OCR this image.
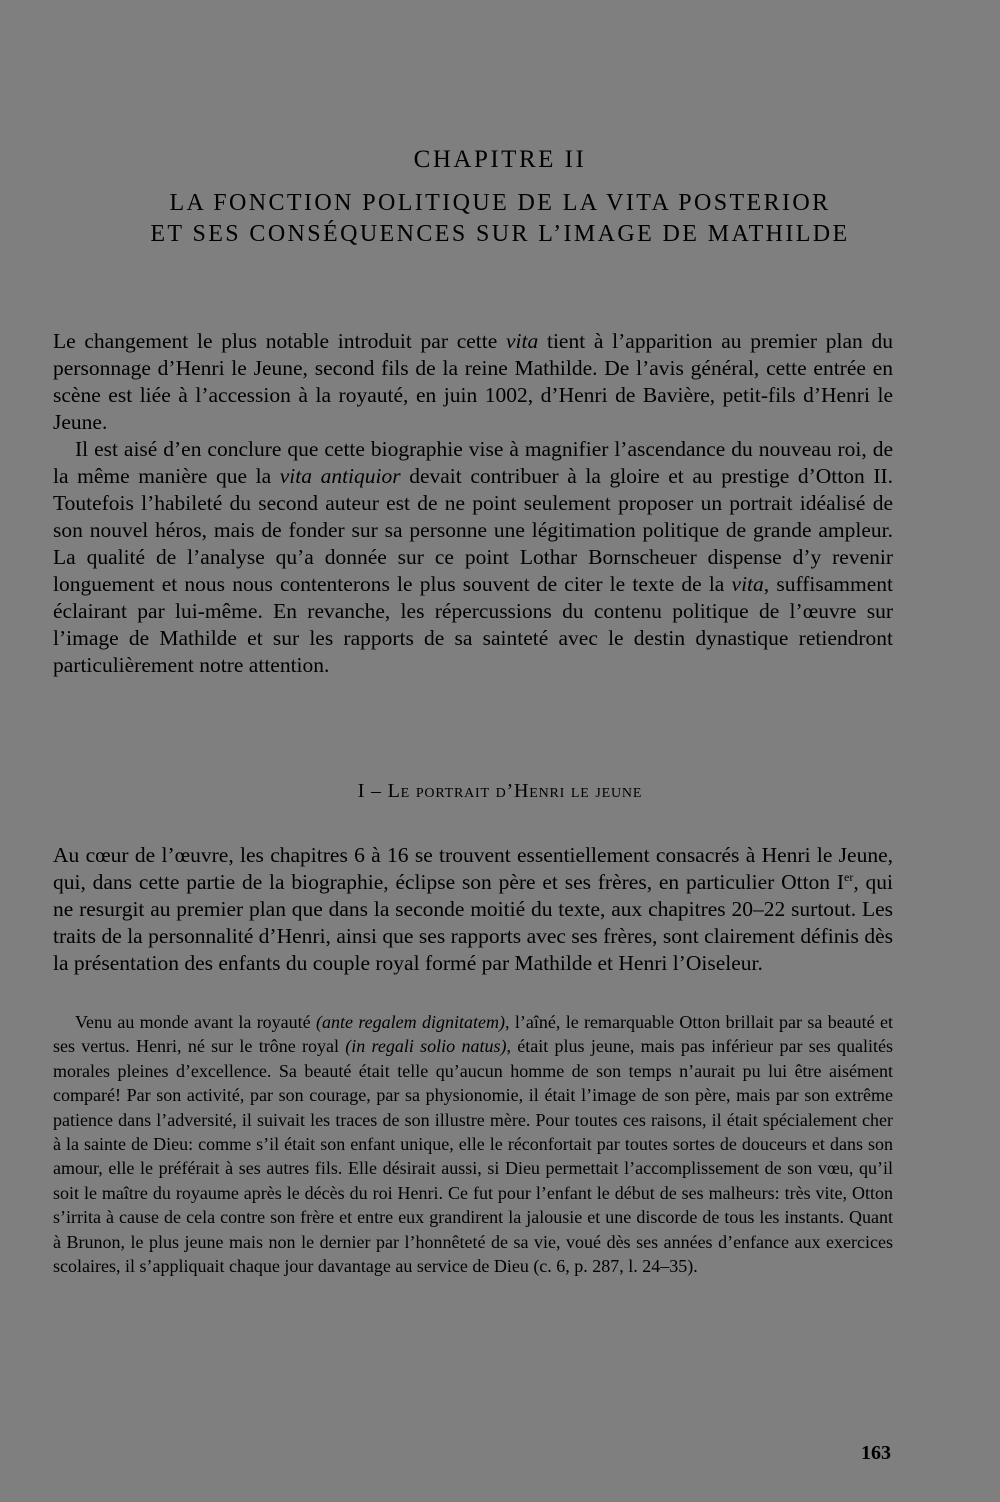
CHAPITRE II
LA FONCTION POLITIQUE DE LA VITA POSTERIOR
ET SES CONSÉQUENCES SUR L’IMAGE DE MATHILDE

Le changement le plus notable introduit par cette vita tient à l’apparition au premier plan du personnage d’Henri le Jeune, second fils de la reine Mathilde. De l’avis général, cette entrée en scène est liée à l’accession à la royauté, en juin 1002, d’Henri de Bavière, petit-fils d’Henri le Jeune.

Il est aisé d’en conclure que cette biographie vise à magnifier l’ascendance du nouveau roi, de la même manière que la vita antiquior devait contribuer à la gloire et au prestige d’Otton II. Toutefois l’habileté du second auteur est de ne point seulement proposer un portrait idéalisé de son nouvel héros, mais de fonder sur sa personne une légitimation politique de grande ampleur. La qualité de l’analyse qu’a donnée sur ce point Lothar Bornscheuer dispense d’y revenir longuement et nous nous contenterons le plus souvent de citer le texte de la vita, suffisamment éclairant par lui-même. En revanche, les répercussions du contenu politique de l’œuvre sur l’image de Mathilde et sur les rapports de sa sainteté avec le destin dynastique retiendront particulièrement notre attention.

I – Le portrait d’Henri le jeune

Au cœur de l’œuvre, les chapitres 6 à 16 se trouvent essentiellement consacrés à Henri le Jeune, qui, dans cette partie de la biographie, éclipse son père et ses frères, en particulier Otton Ier, qui ne resurgit au premier plan que dans la seconde moitié du texte, aux chapitres 20–22 surtout. Les traits de la personnalité d’Henri, ainsi que ses rapports avec ses frères, sont clairement définis dès la présentation des enfants du couple royal formé par Mathilde et Henri l’Oiseleur.

Venu au monde avant la royauté (ante regalem dignitatem), l’aîné, le remarquable Otton brillait par sa beauté et ses vertus. Henri, né sur le trône royal (in regali solio natus), était plus jeune, mais pas inférieur par ses qualités morales pleines d’excellence. Sa beauté était telle qu’aucun homme de son temps n’aurait pu lui être aisément comparé! Par son activité, par son courage, par sa physionomie, il était l’image de son père, mais par son extrême patience dans l’adversité, il suivait les traces de son illustre mère. Pour toutes ces raisons, il était spécialement cher à la sainte de Dieu: comme s’il était son enfant unique, elle le réconfortait par toutes sortes de douceurs et dans son amour, elle le préférait à ses autres fils. Elle désirait aussi, si Dieu permettait l’accomplissement de son vœu, qu’il soit le maître du royaume après le décès du roi Henri. Ce fut pour l’enfant le début de ses malheurs: très vite, Otton s’irrita à cause de cela contre son frère et entre eux grandirent la jalousie et une discorde de tous les instants. Quant à Brunon, le plus jeune mais non le dernier par l’honnêteté de sa vie, voué dès ses années d’enfance aux exercices scolaires, il s’appliquait chaque jour davantage au service de Dieu (c. 6, p. 287, l. 24–35).

163
